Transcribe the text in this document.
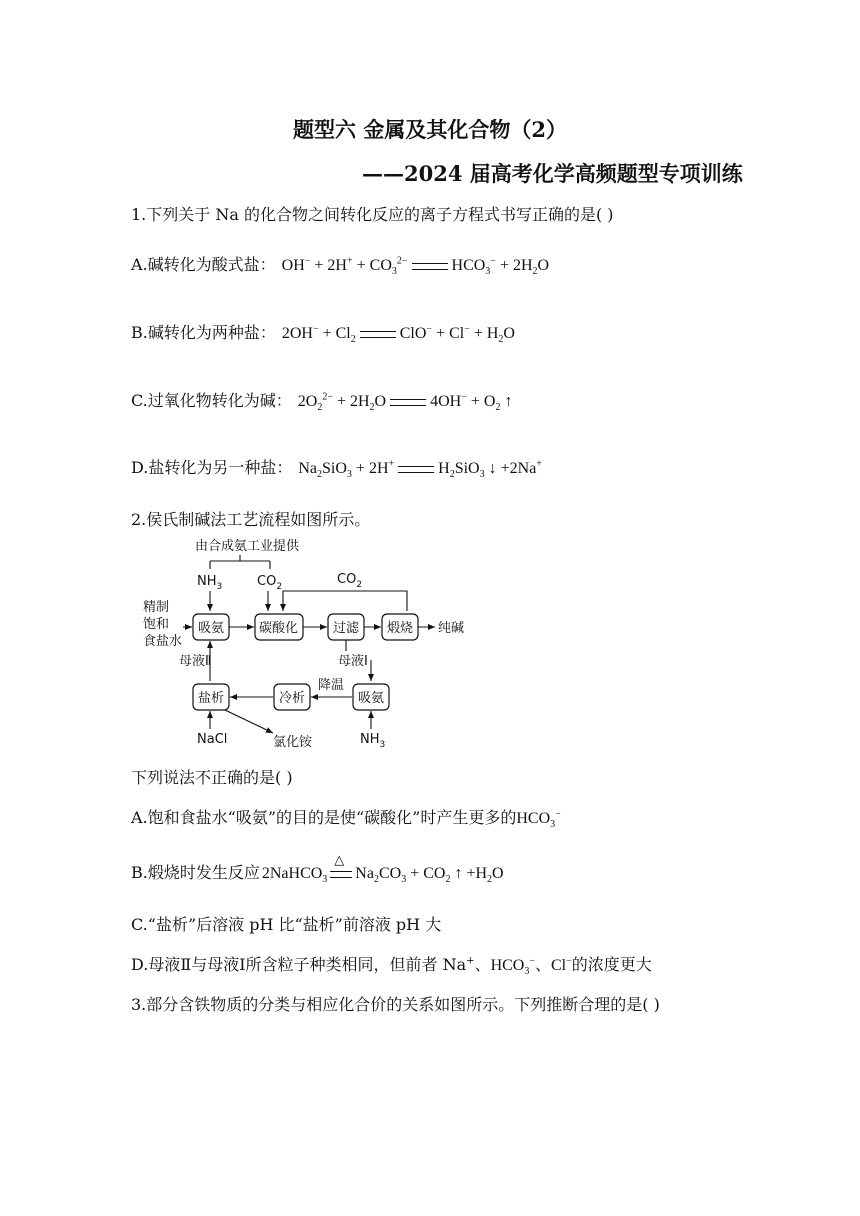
题型六 金属及其化合物（2）
——2024 届高考化学高频题型专项训练
1.下列关于 Na 的化合物之间转化反应的离子方程式书写正确的是( )
A.碱转化为酸式盐： $OH^- + 2H^+ + CO_3^{2-}$	$HCO_3^- + 2H_2O$
B.碱转化为两种盐： $2OH^- + Cl_2$	$ClO^- + Cl^- + H_2O$
C.过氧化物转化为碱： $2O_2^{2-} + 2H_2O$	$4OH^- + O_2$ ↑
D.盐转化为另一种盐： $Na_2SiO_3 + 2H^+$	$H_2SiO_3$ ↓ +2Na+
2.侯氏制碱法工艺流程如图所示。
由合成氨工业提供
$NH_3$	$CO_2$	$CO_2$
精制
饱和
食盐水
吸氨	碳酸化	过滤 煅烧 纯碱
母液Ⅱ	母液Ⅰ
盐析	冷析	吸氨
降温
NaCl	氯化铵	$NH_3$
下列说法不正确的是( )
A.饱和食盐水“吸氨”的目的是使“碳酸化”时产生更多的$HCO_3^-$
B.煅烧时发生反应 2NaHCO$_3$
△
$Na_2CO_3 + CO_2$ ↑ $+H_2O$
C.“盐析”后溶液 pH 比“盐析”前溶液 pH 大
D.母液Ⅱ与母液Ⅰ所含粒子种类相同，但前者 Na+、$HCO_3^-$、Cl−的浓度更大
3.部分含铁物质的分类与相应化合价的关系如图所示。下列推断合理的是( )
